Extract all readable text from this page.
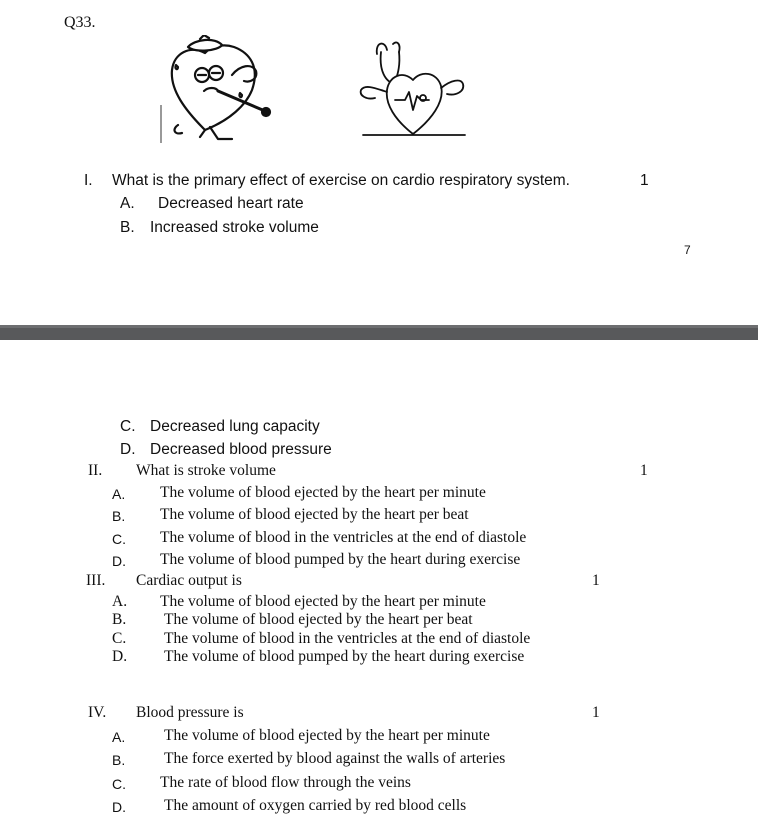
Q33.
I. What is the primary effect of exercise on cardio respiratory system.	1
A. Decreased heart rate
B. Increased stroke volume
7
C. Decreased lung capacity
D. Decreased blood pressure
II. What is stroke volume	1
A. The volume of blood ejected by the heart per minute
B. The volume of blood ejected by the heart per beat
C. The volume of blood in the ventricles at the end of diastole
D. The volume of blood pumped by the heart during exercise
III. Cardiac output is	1
A. The volume of blood ejected by the heart per minute
B. The volume of blood ejected by the heart per beat
C. The volume of blood in the ventricles at the end of diastole
D. The volume of blood pumped by the heart during exercise
IV. Blood pressure is	1
A.	The volume of blood ejected by the heart per minute
B.	The force exerted by blood against the walls of arteries
C. The rate of blood flow through the veins
D. The amount of oxygen carried by red blood cells
